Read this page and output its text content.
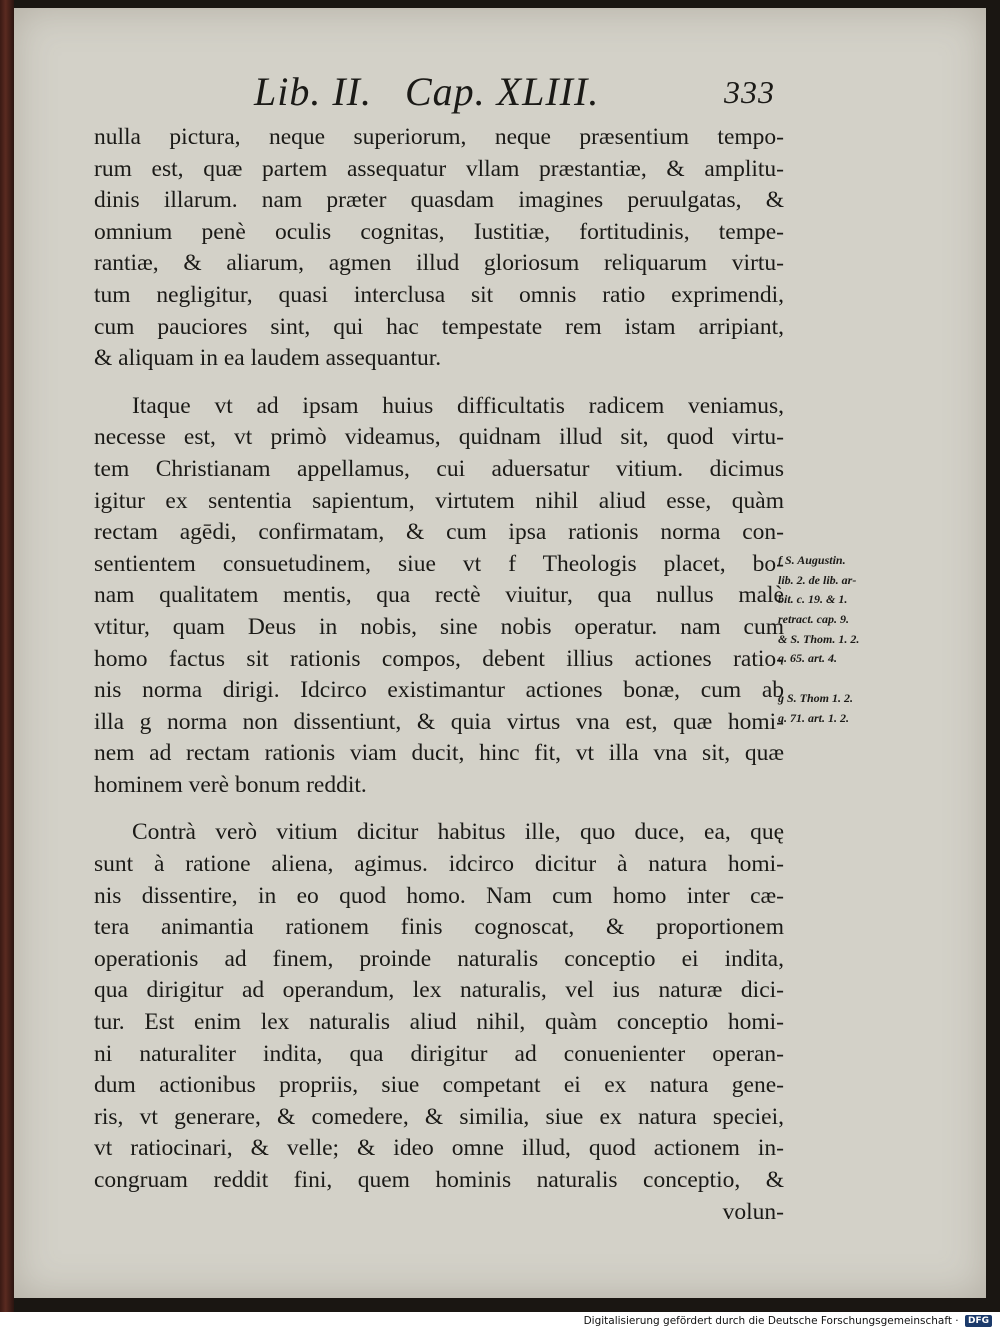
Lib. II.   Cap. XLIII.	333
nulla pictura, neque superiorum, neque præsentium tempo-
rum est, quæ partem assequatur vllam præstantiæ, & amplitu-
dinis illarum. nam præter quasdam imagines peruulgatas, &
omnium penè oculis cognitas, Iustitiæ, fortitudinis, tempe-
rantiæ, & aliarum, agmen illud gloriosum reliquarum virtu-
tum negligitur, quasi interclusa sit omnis ratio exprimendi,
cum pauciores sint, qui hac tempestate rem istam arripiant,
& aliquam in ea laudem assequantur.
Itaque vt ad ipsam huius difficultatis radicem veniamus,
necesse est, vt primò videamus, quidnam illud sit, quod virtu-
tem Christianam appellamus, cui aduersatur vitium. dicimus
igitur ex sententia sapientum, virtutem nihil aliud esse, quàm
rectam agēdi, confirmatam, & cum ipsa rationis norma con-
sentientem consuetudinem, siue vt f Theologis placet, bo-
nam qualitatem mentis, qua rectè viuitur, qua nullus malè
vtitur, quam Deus in nobis, sine nobis operatur. nam cum
homo factus sit rationis compos, debent illius actiones ratio-
nis norma dirigi. Idcirco existimantur actiones bonæ, cum ab
illa g norma non dissentiunt, & quia virtus vna est, quæ homi-
nem ad rectam rationis viam ducit, hinc fit, vt illa vna sit, quæ
hominem verè bonum reddit.
Contrà verò vitium dicitur habitus ille, quo duce, ea, quę
sunt à ratione aliena, agimus. idcirco dicitur à natura homi-
nis dissentire, in eo quod homo. Nam cum homo inter cæ-
tera animantia rationem finis cognoscat, & proportionem
operationis ad finem, proinde naturalis conceptio ei indita,
qua dirigitur ad operandum, lex naturalis, vel ius naturæ dici-
tur. Est enim lex naturalis aliud nihil, quàm conceptio homi-
ni naturaliter indita, qua dirigitur ad conuenienter operan-
dum actionibus propriis, siue competant ei ex natura gene-
ris, vt generare, & comedere, & similia, siue ex natura speciei,
vt ratiocinari, & velle; & ideo omne illud, quod actionem in-
congruam reddit fini, quem hominis naturalis conceptio, &
volun-
f S. Augustin.
lib. 2. de lib. ar-
bit. c. 19. & 1.
retract. cap. 9.
& S. Thom. 1. 2.
q. 65. art. 4.
g S. Thom 1. 2.
q. 71. art. 1. 2.
Digitalisierung gefördert durch die Deutsche Forschungsgemeinschaft · DFG
